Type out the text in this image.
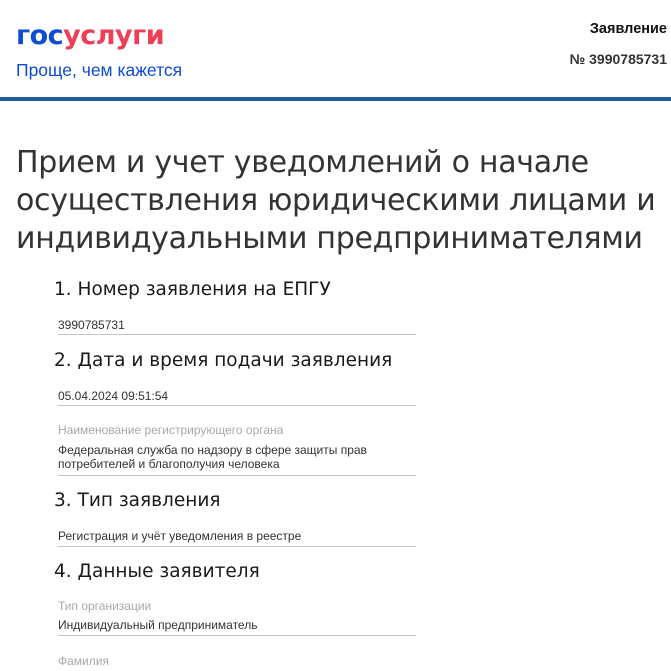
госуслуги
Проще, чем кажется
Заявление
№ 3990785731
Прием и учет уведомлений о начале осуществления юридическими лицами и индивидуальными предпринимателями
1. Номер заявления на ЕПГУ
3990785731
2. Дата и время подачи заявления
05.04.2024 09:51:54
Наименование регистрирующего органа
Федеральная служба по надзору в сфере защиты прав потребителей и благополучия человека
3. Тип заявления
Регистрация и учёт уведомления в реестре
4. Данные заявителя
Тип организации
Индивидуальный предприниматель
Фамилия
